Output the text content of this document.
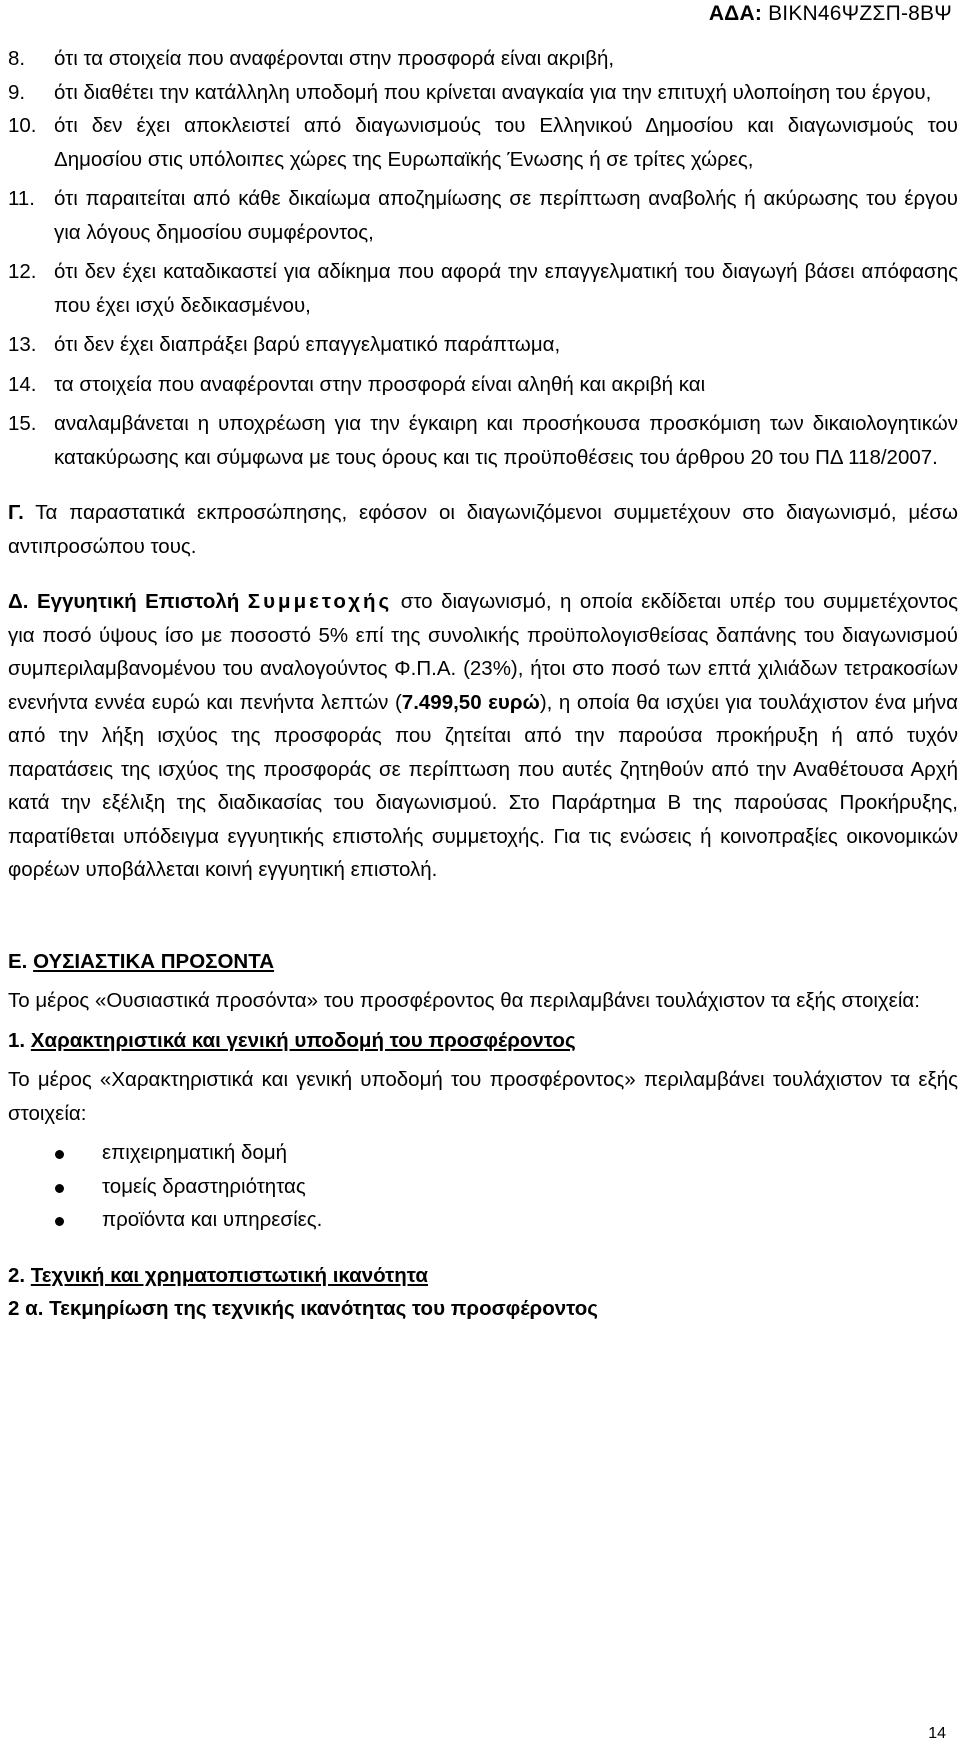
ΑΔΑ: ΒΙΚΝ46ΨΖΣΠ-8ΒΨ
8. ότι τα στοιχεία που αναφέρονται στην προσφορά είναι ακριβή,
9. ότι διαθέτει την κατάλληλη υποδομή που κρίνεται αναγκαία για την επιτυχή υλοποίηση του έργου,
10. ότι δεν έχει αποκλειστεί από διαγωνισμούς του Ελληνικού Δημοσίου και διαγωνισμούς του Δημοσίου στις υπόλοιπες χώρες της Ευρωπαϊκής Ένωσης ή σε τρίτες χώρες,
11. ότι παραιτείται από κάθε δικαίωμα αποζημίωσης σε περίπτωση αναβολής ή ακύρωσης του έργου για λόγους δημοσίου συμφέροντος,
12. ότι δεν έχει καταδικαστεί για αδίκημα που αφορά την επαγγελματική του διαγωγή βάσει απόφασης που έχει ισχύ δεδικασμένου,
13. ότι δεν έχει διαπράξει βαρύ επαγγελματικό παράπτωμα,
14. τα στοιχεία που αναφέρονται στην προσφορά είναι αληθή και ακριβή και
15. αναλαμβάνεται η υποχρέωση για την έγκαιρη και προσήκουσα προσκόμιση των δικαιολογητικών κατακύρωσης και σύμφωνα με τους όρους και τις προϋποθέσεις του άρθρου 20 του ΠΔ 118/2007.
Γ. Τα παραστατικά εκπροσώπησης, εφόσον οι διαγωνιζόμενοι συμμετέχουν στο διαγωνισμό, μέσω αντιπροσώπου τους.
Δ. Εγγυητική Επιστολή Συμμετοχής στο διαγωνισμό, η οποία εκδίδεται υπέρ του συμμετέχοντος για ποσό ύψους ίσο με ποσοστό 5% επί της συνολικής προϋπολογισθείσας δαπάνης του διαγωνισμού συμπεριλαμβανομένου του αναλογούντος Φ.Π.Α. (23%), ήτοι στο ποσό των επτά χιλιάδων τετρακοσίων ενενήντα εννέα ευρώ και πενήντα λεπτών (7.499,50 ευρώ), η οποία θα ισχύει για τουλάχιστον ένα μήνα από την λήξη ισχύος της προσφοράς που ζητείται από την παρούσα προκήρυξη ή από τυχόν παρατάσεις της ισχύος της προσφοράς σε περίπτωση που αυτές ζητηθούν από την Αναθέτουσα Αρχή κατά την εξέλιξη της διαδικασίας του διαγωνισμού. Στο Παράρτημα Β της παρούσας Προκήρυξης, παρατίθεται υπόδειγμα εγγυητικής επιστολής συμμετοχής. Για τις ενώσεις ή κοινοπραξίες οικονομικών φορέων υποβάλλεται κοινή εγγυητική επιστολή.
Ε. ΟΥΣΙΑΣΤΙΚΑ ΠΡΟΣΟΝΤΑ
Το μέρος «Ουσιαστικά προσόντα» του προσφέροντος θα περιλαμβάνει τουλάχιστον τα εξής στοιχεία:
1. Χαρακτηριστικά και γενική υποδομή του προσφέροντος
Το μέρος «Χαρακτηριστικά και γενική υποδομή του προσφέροντος» περιλαμβάνει τουλάχιστον τα εξής στοιχεία:
επιχειρηματική δομή
τομείς δραστηριότητας
προϊόντα και υπηρεσίες.
2. Τεχνική και χρηματοπιστωτική ικανότητα
2 α. Τεκμηρίωση της τεχνικής ικανότητας του προσφέροντος
14
